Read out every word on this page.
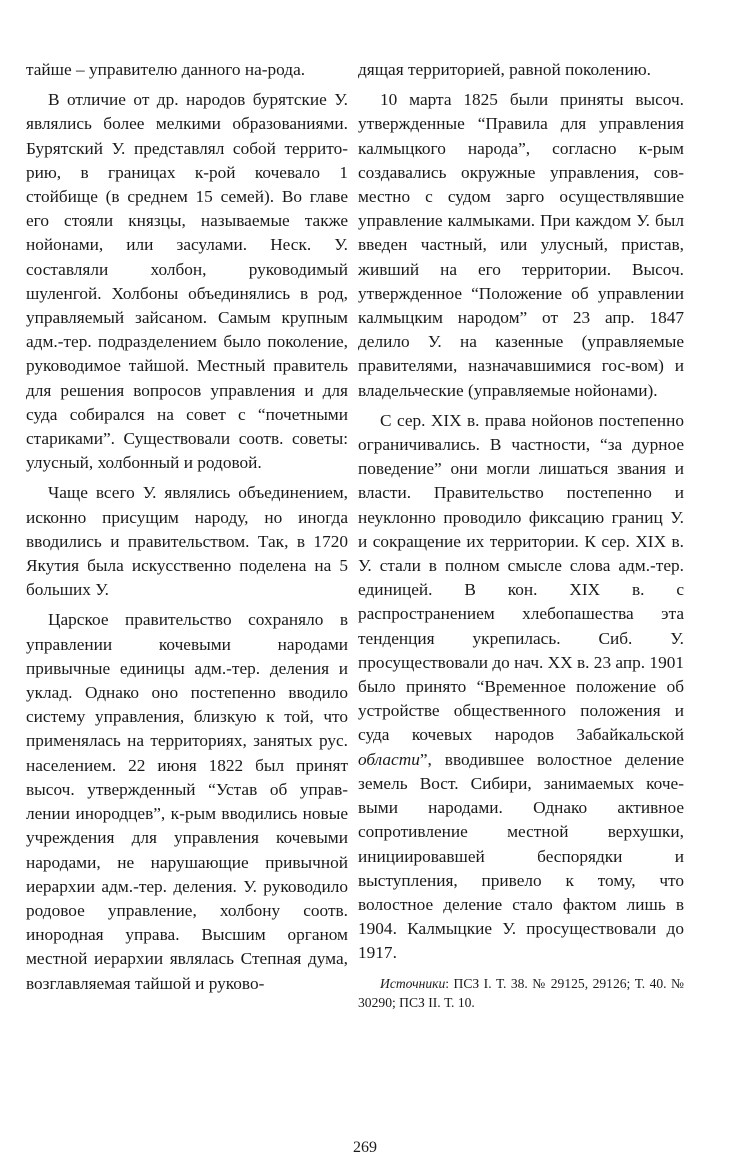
тайше – управителю данного на-рода.

В отличие от др. народов бурятские У. являлись более мелкими образованиями. Бурятский У. представлял собой территорию, в границах к-рой кочевало 1 стойбище (в среднем 15 семей). Во главе его стояли князцы, называемые также нойонами, или засулами. Неск. У. составляли холбон, руководимый шуленгой. Холбоны объединялись в род, управляемый зайсаном. Самым крупным адм.-тер. подразделением было поколение, руководимое тайшой. Местный правитель для решения вопросов управления и для суда собирался на совет с “почетными стариками”. Существовали соотв. советы: улусный, холбонный и родовой.

Чаще всего У. являлись объединением, исконно присущим народу, но иногда вводились и правительством. Так, в 1720 Якутия была искусственно поделена на 5 больших У.

Царское правительство сохраняло в управлении кочевыми народами привычные единицы адм.-тер. деления и уклад. Однако оно постепенно вводило систему управления, близкую к той, что применялась на территориях, занятых рус. населением. 22 июня 1822 был принят высоч. утвержденный “Устав об управлении инородцев”, к-рым вводились новые учреждения для управления кочевыми народами, не нарушающие привычной иерархии адм.-тер. деления. У. руководило родовое управление, холбону соотв. инородная управа. Высшим органом местной иерархии являлась Степная дума, возглавляемая тайшой и руково-

дящая территорией, равной поколению.

10 марта 1825 были приняты высоч. утвержденные “Правила для управления калмыцкого народа”, согласно к-рым создавались окружные управления, совместно с судом зарго осуществлявшие управление калмыками. При каждом У. был введен частный, или улусный, пристав, живший на его территории. Высоч. утвержденное “Положение об управлении калмыцким народом” от 23 апр. 1847 делило У. на казенные (управляемые правителями, назначавшимися гос-вом) и владельческие (управляемые нойонами).

С сер. XIX в. права нойонов постепенно ограничивались. В частности, “за дурное поведение” они могли лишаться звания и власти. Правительство постепенно и неуклонно проводило фиксацию границ У. и сокращение их территории. К сер. XIX в. У. стали в полном смысле слова адм.-тер. единицей. В кон. XIX в. с распространением хлебопашества эта тенденция укрепилась. Сиб. У. просуществовали до нач. XX в. 23 апр. 1901 было принято “Временное положение об устройстве общественного положения и суда кочевых народов Забайкальской области”, вводившее волостное деление земель Вост. Сибири, занимаемых кочевыми народами. Однако активное сопротивление местной верхушки, инициировавшей беспорядки и выступления, привело к тому, что волостное деление стало фактом лишь в 1904. Калмыцкие У. просуществовали до 1917.

Источники: ПСЗ I. Т. 38. № 29125, 29126; Т. 40. № 30290; ПСЗ II. Т. 10.

269
